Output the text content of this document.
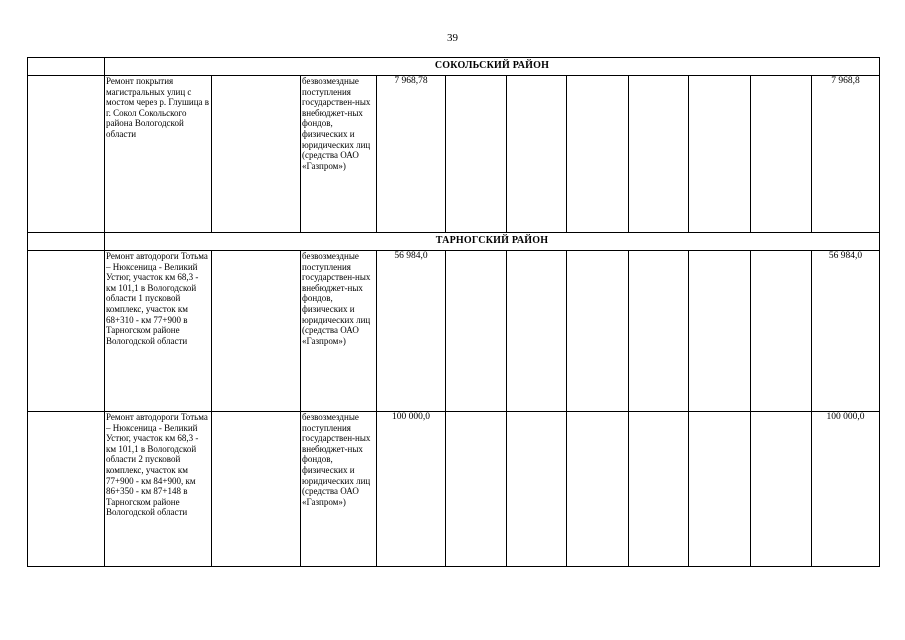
39
	СОКОЛЬСКИЙ РАЙОН										
	Ремонт покрытия магистральных улиц с мостом через р. Глушица в г. Сокол Сокольского района Вологодской области		безвозмездные поступления государствен-ных внебюджет-ных фондов, физических и юридических лиц (средства ОАО «Газпром»)	7 968,78							7 968,8
	ТАРНОГСКИЙ РАЙОН										
	Ремонт автодороги Тотьма – Нюксеница - Великий Устюг, участок км 68,3 - км 101,1 в Вологодской области 1 пусковой комплекс, участок км 68+310 - км 77+900 в Тарногском районе Вологодской области		безвозмездные поступления государствен-ных внебюджет-ных фондов, физических и юридических лиц (средства ОАО «Газпром»)	56 984,0							56 984,0
	Ремонт автодороги Тотьма – Нюксеница - Великий Устюг, участок км 68,3 - км 101,1 в Вологодской области 2 пусковой комплекс, участок км 77+900 - км 84+900, км 86+350 - км 87+148 в Тарногском районе Вологодской области		безвозмездные поступления государствен-ных внебюджет-ных фондов, физических и юридических лиц (средства ОАО «Газпром»)	100 000,0							100 000,0
